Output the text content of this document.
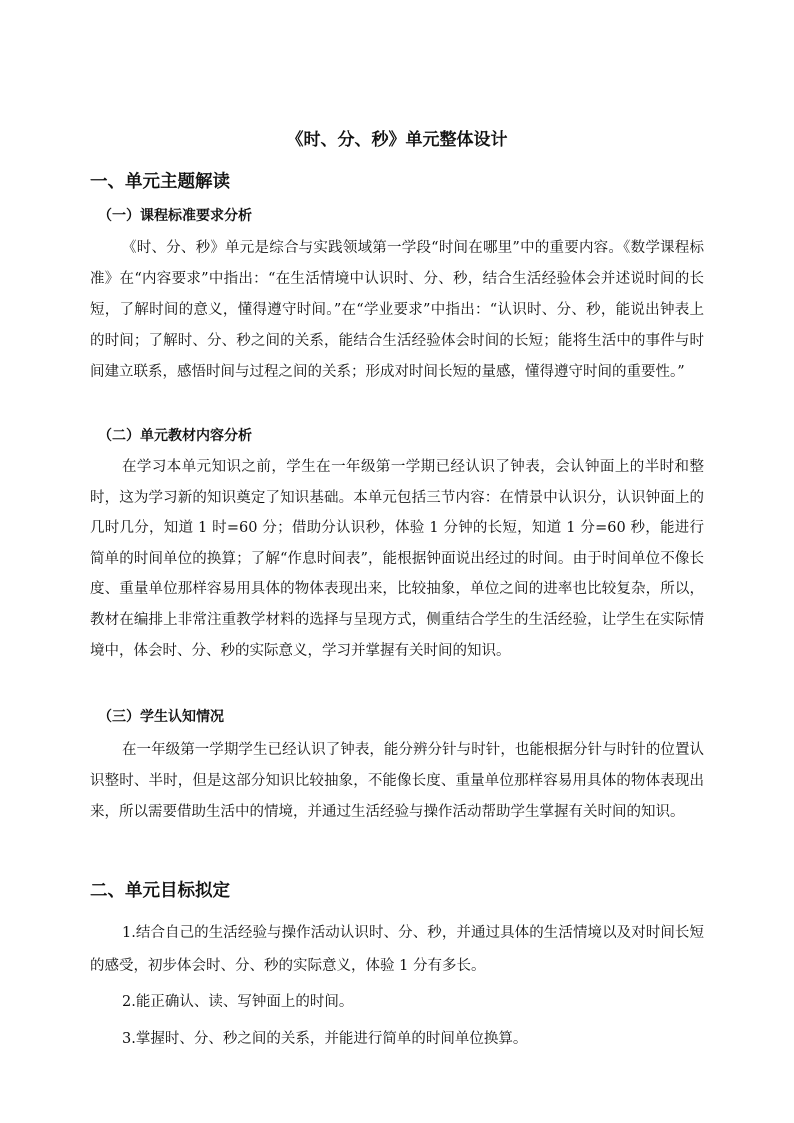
《时、分、秒》单元整体设计
一、单元主题解读
（一）课程标准要求分析

《时、分、秒》单元是综合与实践领域第一学段“时间在哪里”中的重要内容。《数学课程标准》在“内容要求”中指出：“在生活情境中认识时、分、秒，结合生活经验体会并述说时间的长短，了解时间的意义，懂得遵守时间。”在“学业要求”中指出：“认识时、分、秒，能说出钟表上的时间；了解时、分、秒之间的关系，能结合生活经验体会时间的长短；能将生活中的事件与时间建立联系，感悟时间与过程之间的关系；形成对时间长短的量感，懂得遵守时间的重要性。”

（二）单元教材内容分析

在学习本单元知识之前，学生在一年级第一学期已经认识了钟表，会认钟面上的半时和整时，这为学习新的知识奠定了知识基础。本单元包括三节内容：在情景中认识分，认识钟面上的几时几分，知道 1 时=60 分；借助分认识秒，体验 1 分钟的长短，知道 1 分=60 秒，能进行简单的时间单位的换算；了解“作息时间表”，能根据钟面说出经过的时间。由于时间单位不像长度、重量单位那样容易用具体的物体表现出来，比较抽象，单位之间的进率也比较复杂，所以，教材在编排上非常注重教学材料的选择与呈现方式，侧重结合学生的生活经验，让学生在实际情境中，体会时、分、秒的实际意义，学习并掌握有关时间的知识。

（三）学生认知情况

在一年级第一学期学生已经认识了钟表，能分辨分针与时针，也能根据分针与时针的位置认识整时、半时，但是这部分知识比较抽象，不能像长度、重量单位那样容易用具体的物体表现出来，所以需要借助生活中的情境，并通过生活经验与操作活动帮助学生掌握有关时间的知识。

二、单元目标拟定

1.结合自己的生活经验与操作活动认识时、分、秒，并通过具体的生活情境以及对时间长短的感受，初步体会时、分、秒的实际意义，体验 1 分有多长。

2.能正确认、读、写钟面上的时间。

3.掌握时、分、秒之间的关系，并能进行简单的时间单位换算。
